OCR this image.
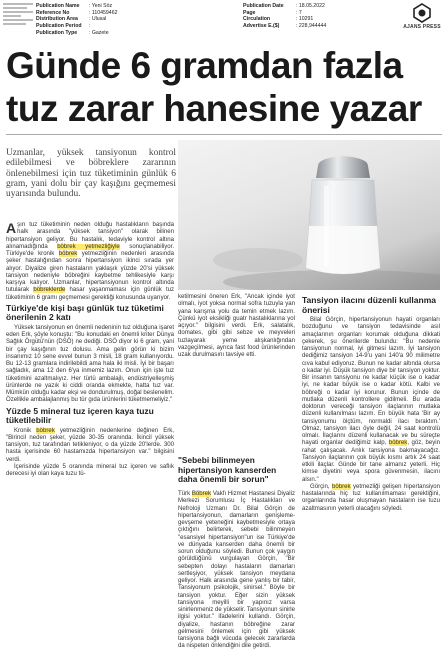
Publication Name	: Yeni Söz
Reference No	: 110459462
Distribution Area	: Ulusal
Publication Period	:
Publication Type	: Gazete
Publication Date	: 18.05.2022
Page	: 7
Circulation	: 10291
Advertise E.($)	: 228,944444	AJANS PRESS
Günde 6 gramdan fazla
tuz zarar hanesine yazar
Uzmanlar, yüksek tansiyonun kontrol edilebilmesi ve böbreklere zararının önlenebilmesi için tuz tüketiminin günlük 6 gram, yani dolu bir çay kaşığını geçmemesi uyarısında bulundu.

Aşırı tuz tüketiminin neden olduğu hastalıkların başında halk arasında "yüksek tansiyon" olarak bilinen hipertansiyon geliyor. Bu hastalık, tedaviyle kontrol altına alınamadığında böbrek yetmezliğiyle sonuçlanabiliyor. Türkiye'de kronik böbrek yetmezliğinin nedenleri arasında şeker hastalığından sonra hipertansiyon ikinci sırada yer alıyor. Diyalize giren hastaların yaklaşık yüzde 20'si yüksek tansiyon nedeniyle böbreğini kaybetme tehlikesiyle karşı karşıya kalıyor. Uzmanlar, hipertansiyonun kontrol altında tutularak böbreklerde hasar yaşanmaması için günlük tuz tüketiminin 6 gramı geçmemesi gerektiği konusunda uyarıyor.

Türkiye'de kişi başı günlük tuz tüketimi önerilenin 2 katı

Yüksek tansiyonun en önemli nedeninin tuz olduğuna işaret eden Erk, şöyle konuştu: "Bu konudaki en önemli kriter Dünya Sağlık Örgütü'nün (DSÖ) ne dediği. DSÖ diyor ki 6 gram, yani bir çay kaşığının tuz dolusu. Ama gelin görün ki bizim insanımız 10 sene evvel bunun 3 misli, 18 gram kullanıyordu. Bu 12-13 gramlara indirilebildi ama hala iki misli. İyi bir başarı sağladık, ama 12 den 6'ya inmemiz lazım. Onun için işte tuz tüketimini azaltmalıyız. Her türlü ambalajlı, endüstriyelleşmiş ürünlerde ne yazık ki ciddi oranda ekmekte, hatta tuz var. Mümkün olduğu kadar ekşi ve dondurulmuş, doğal beslenelim. Özellikle ambalajlanmış bu tür gıda ürünlerini tüketmemeliyiz."

Yüzde 5 mineral tuz içeren kaya tuzu tüketilebilir

Kronik böbrek yetmezliğinin nedenlerine değinen Erk, "Birincil neden şeker, yüzde 30-35 oranında. İkincil yüksek tansiyon, tuz tarafından tetikleniyor, o da yüzde 20'lerde. 300 hasta içerisinde 60 hastamızda hipertansiyon var." bilgisini verdi.

İçerisinde yüzde 5 oranında mineral tuz içeren ve saflık derecesi iyi olan kaya tuzu tü-

ketilmesini öneren Erk, "Ancak içinde iyot olmalı, iyot yoksa normal sofra tuzuyla yan yana karışma yolu da temin etmek lazım. Çünkü iyot eksikliği guatr hastalıklarına yol açıyor." bilgisini verdi. Erk, salatalık, domates, gibi gibi sebze ve meyveleri tuzlayarak yeme alışkanlığından vazgeçilmesi, ayrıca fast food ürünlerinden uzak durulmasını tavsiye etti.

"Sebebi bilinmeyen hipertansiyon kanserden daha önemli bir sorun"

Türk Böbrek Vakfı Hizmet Hastanesi Diyaliz Merkezi Sorumlusu İç Hastalıkları ve Nefroloji Uzmanı Dr. Bilal Görçin de hipertansiyonun, damarların genişleme-gevşeme yeteneğini kaybetmesiyle ortaya çıktığını belirterek, sebebi bilinmeyen "esansiyel hipertansiyon"un ise Türkiye'de ve dünyada kanserden daha önemli bir sorun olduğunu söyledi. Bunun çok yaygın görüldüğünü vurgulayan Görçin, "Bir sebepten dolayı hastaların damarları sertleşiyor, yüksek tansiyon meydana geliyor. Halk arasında gene yanlış bir tabir, Tansiyonum psikolojik, sinirsel." Böyle bir tansiyon yoktur. Eğer sizin yüksek tansiyona meyilli bir yapınız varsa sinirlenmeniz de yükselir. Tansiyonun sinirle ilgisi yoktur." ifadelerini kullandı. Görçin, diyalize, hastanın böbreğine zarar gelmesini önlemek için gibi yüksek tansiyona bağlı vücuda gelecek zararlarda da nispeten önlendiğini dile getirdi.

Tansiyon ilacını düzenli kullanma önerisi

Bilal Görçin, hipertansiyonun hayati organları bozduğunu ve tansiyon tedavisinde asıl amaçlarının organları korumak olduğuna dikkati çekerek, şu önerilerde bulundu: "Bu nedenle tansiyonun normal, iyi gitmesi lazım. İyi tansiyon dediğimiz tansiyon 14-9'u yani 140'a 90 milimetre cıva kabul ediyoruz. Bunun ne kadar altında olursa o kadar iyi. Düşük tansiyon diye bir tansiyon yoktur. Bir insanın tansiyonu ne kadar küçük ise o kadar iyi, ne kadar büyük ise o kadar kötü. Kalbi ve böbreği o kadar iyi korunur. Bunun içinde de mutlaka düzenli kontrollere gidilmeli. Bu arada doktorun vereceği tansiyon ilaçlarının mutlaka düzenli kullanılması lazım. En büyük hata 'Bir ay tansiyonumu ölçtüm, normaldi ilacı bıraktım.' Olmaz, tansiyon ilacı öyle değil, 24 saat kontrolü olmalı. İlaçlarını düzenli kullanacak ve bu süreçte hayati organlar dediğimiz kalp, böbrek, göz, beyin rahat çalışacak. Anlık tansiyona bakmayacağız. Tansiyon ilaçlarının çok büyük kısmı artık 24 saat etkili ilaçlar. Günde bir tane almanız yeterli. Hiç kimse diyetini veya spora güvenmesin, ilacını alsın."

Görçin, böbrek yetmezliği gelişen hipertansiyon hastalarında hiç tuz kullanılmaması gerektiğini, organlarında hasar oluşmayan hastaların ise tuzu azaltmasının yeterli olacağını söyledi.
